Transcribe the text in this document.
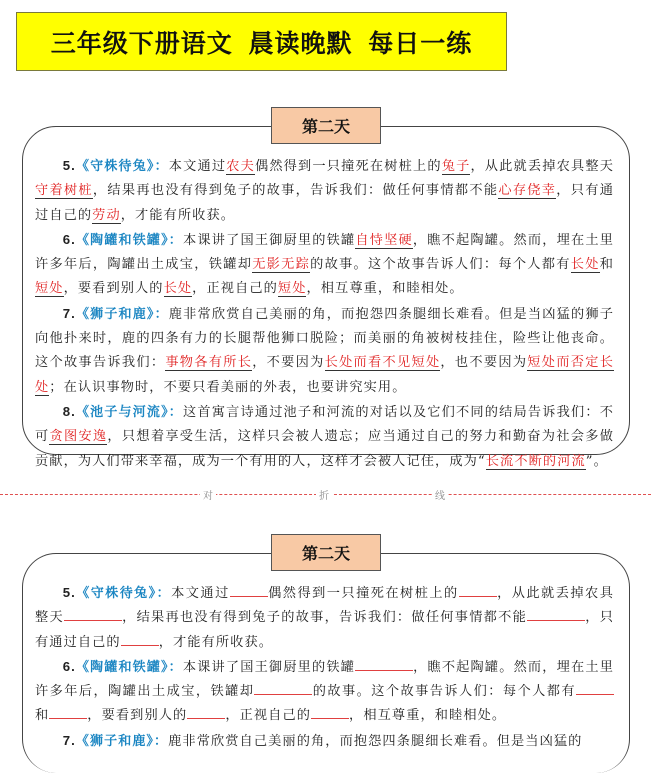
三年级下册语文 晨读晚默 每日一练
第二天

5.《守株待兔》：本文通过农夫偶然得到一只撞死在树桩上的兔子，从此就丢掉农具整天守着树桩，结果再也没有得到兔子的故事，告诉我们：做任何事情都不能心存侥幸，只有通过自己的劳动，才能有所收获。

6.《陶罐和铁罐》：本课讲了国王御厨里的铁罐自恃坚硬，瞧不起陶罐。然而，埋在土里许多年后，陶罐出土成宝，铁罐却无影无踪的故事。这个故事告诉人们：每个人都有长处和短处，要看到别人的长处，正视自己的短处，相互尊重，和睦相处。

7.《狮子和鹿》：鹿非常欣赏自己美丽的角，而抱怨四条腿细长难看。但是当凶猛的狮子向他扑来时，鹿的四条有力的长腿帮他狮口脱险；而美丽的角被树枝挂住，险些让他丧命。这个故事告诉我们：事物各有所长，不要因为长处而看不见短处，也不要因为短处而否定长处；在认识事物时，不要只看美丽的外表，也要讲究实用。

8.《池子与河流》：这首寓言诗通过池子和河流的对话以及它们不同的结局告诉我们：不可贪图安逸，只想着享受生活，这样只会被人遗忘；应当通过自己的努力和勤奋为社会多做贡献，为人们带来幸福，成为一个有用的人，这样才会被人记住，成为“长流不断的河流”。

对	折	线
第二天

5.《守株待兔》：本文通过	偶然得到一只撞死在树桩上的	，从此就丢掉农具整天	，结果再也没有得到兔子的故事，告诉我们：做任何事情都不能	，只有通过自己的	，才能有所收获。

6.《陶罐和铁罐》：本课讲了国王御厨里的铁罐	，瞧不起陶罐。然而，埋在土里许多年后，陶罐出土成宝，铁罐却	的故事。这个故事告诉人们：每个人都有和	，要看到别人的	，正视自己的	，相互尊重，和睦相处。

7.《狮子和鹿》：鹿非常欣赏自己美丽的角，而抱怨四条腿细长难看。但是当凶猛的
